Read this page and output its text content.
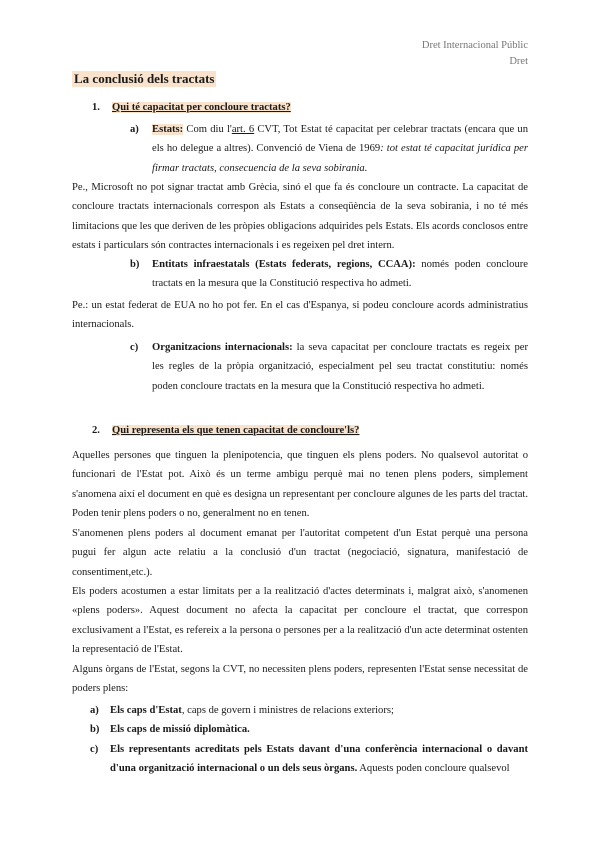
Dret Internacional Públic
Dret
La conclusió dels tractats
1. Qui té capacitat per concloure tractats?
a) Estats: Com diu l'art. 6 CVT, Tot Estat té capacitat per celebrar tractats (encara que un els ho delegue a altres). Convenció de Viena de 1969: tot estat té capacitat jurídica per firmar tractats, consecuencia de la seva sobirania.
Pe., Microsoft no pot signar tractat amb Grècia, sinó el que fa és concloure un contracte. La capacitat de concloure tractats internacionals correspon als Estats a conseqüència de la seva sobirania, i no té més limitacions que les que deriven de les pròpies obligacions adquirides pels Estats. Els acords conclosos entre estats i particulars són contractes internacionals i es regeixen pel dret intern.
b) Entitats infraestatals (Estats federats, regions, CCAA): només poden concloure tractats en la mesura que la Constitució respectiva ho admeti.
Pe.: un estat federat de EUA no ho pot fer. En el cas d'Espanya, si podeu concloure acords administratius internacionals.
c) Organitzacions internacionals: la seva capacitat per concloure tractats es regeix per les regles de la pròpia organització, especialment pel seu tractat constitutiu: només poden concloure tractats en la mesura que la Constitució respectiva ho admeti.
2. Qui representa els que tenen capacitat de concloure'ls?
Aquelles persones que tinguen la plenipotencia, que tinguen els plens poders. No qualsevol autoritat o funcionari de l'Estat pot. Això és un terme ambigu perquè mai no tenen plens poders, simplement s'anomena així el document en què es designa un representant per concloure algunes de les parts del tractat. Poden tenir plens poders o no, generalment no en tenen.
S'anomenen plens poders al document emanat per l'autoritat competent d'un Estat perquè una persona pugui fer algun acte relatiu a la conclusió d'un tractat (negociació, signatura, manifestació de consentiment,etc.).
Els poders acostumen a estar limitats per a la realització d'actes determinats i, malgrat això, s'anomenen «plens poders». Aquest document no afecta la capacitat per concloure el tractat, que correspon exclusivament a l'Estat, es refereix a la persona o persones per a la realització d'un acte determinat ostenten la representació de l'Estat.
Alguns òrgans de l'Estat, segons la CVT, no necessiten plens poders, representen l'Estat sense necessitat de poders plens:
a) Els caps d'Estat, caps de govern i ministres de relacions exteriors;
b) Els caps de missió diplomàtica.
c) Els representants acreditats pels Estats davant d'una conferència internacional o davant d'una organització internacional o un dels seus òrgans. Aquests poden concloure qualsevol
